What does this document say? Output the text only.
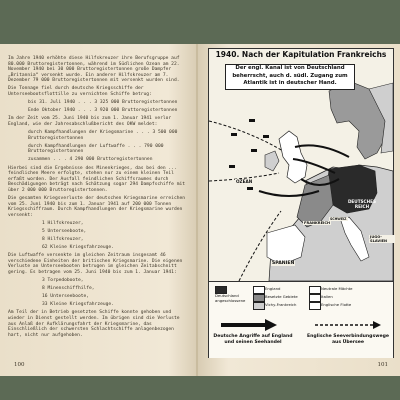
Im Jahre 1940 erhöhte diese Hilfskreuzer ihre Berufsgruppe auf 80.000 Bruttoregistertonnen, während im Südlichen Ozean am 22. November 1940 bei 30 000 Bruttoregistertonnen große Dampfer „Britannia“ versenkt wurde. Ein anderer Hilfskreuzer am 7. Dezember 79 000 Bruttoregistertonnen mit versenkt wurden sind.

Die Tonnage fiel durch deutsche Kriegsschiffe der Unterseebootsflottille zu vernichten Schiffe betrug:

bis 31. Juli 1940 . . . 3 325 000 Bruttoregistertonnen

Ende Oktober 1940 . . . 3 920 000 Bruttoregistertonnen

Im der Zeit vom 25. Juni 1940 bis zum 1. Januar 1941 verlor England, wie der Jahresabschlußbericht des OKW meldet:

durch Kampfhandlungen der Kriegsmarine . . . 3 500 000 Bruttoregistertonnen

durch Kampfhandlungen der Luftwaffe . . . 790 000 Bruttoregistertonnen

zusammen . . . 4 290 000 Bruttoregistertonnen

Hierbei sind die Ergebnisse des Minenkrieges, das bei den ... feindlichen Meere erfolgte, stehen nur zu einem kleinen Teil erfaßt worden. Der Ausfall feindlichen Schiffsraumes durch Beschädigungen beträgt nach Schätzung sogar 294 Dampfschiffe mit über 2 000 000 Bruttoregistertonnen.

Die gesamten Kriegsverluste der deutschen Kriegsmarine erreichen vom 25. Juni 1940 bis zum 1. Januar 1941 auf 200 000 Tonnen Kriegsschiffraum. Durch Kampfhandlungen der Kriegsmarine wurden versenkt:

1 Hilfskreuzer,

5 Unterseeboote,

8 Hilfskreuzer,

62 Kleine Kriegsfahrzeuge.

Die Luftwaffe versenkte im gleichen Zeitraum insgesamt 46 verschiedene Einheiten der britischen Kriegsmarine. Die eigenen Verluste an Unterseebooten betrugen im gleichen Zeitabschnitt gering. Es betragen vom 25. Juni 1940 bis zum 1. Januar 1941:

3 Torpedoboote,

8 Minenschiffhilfe,

16 Unterseeboote,

33 Kleine Kriegsfahrzeuge.

Am Teil der in Betrieb gesetzten Schiffe konnte gehoben und wieder in Dienst gestellt werden. Im übrigen sind die Verluste aus Anlaß der Aufklärungsfahrt der Kriegsmarine, das Einschließlich der schwersten Schlachtschiffe anlagenbezogen hart, nicht nur aufgehoben.

100
1940. Nach der Kapitulation Frankreichs
Der engl. Kanal ist von Deutschland beherrscht, auch d. südl. Zugang zum Atlantik ist in deutscher Hand.
OZEAN
SPANIEN
DEUTSCHES REICH
FRANKREICH
JUGO-SLAVIEN
SCHWEIZ
Deutschland angeschlossene
England
Besetzte Gebiete
Vichy-Frankreich
Neutrale Mächte
Italien
Englische Flotte
Deutsche Angriffe auf England und seinen Seehandel
Englische Seeverbindungswege aus Übersee
101
